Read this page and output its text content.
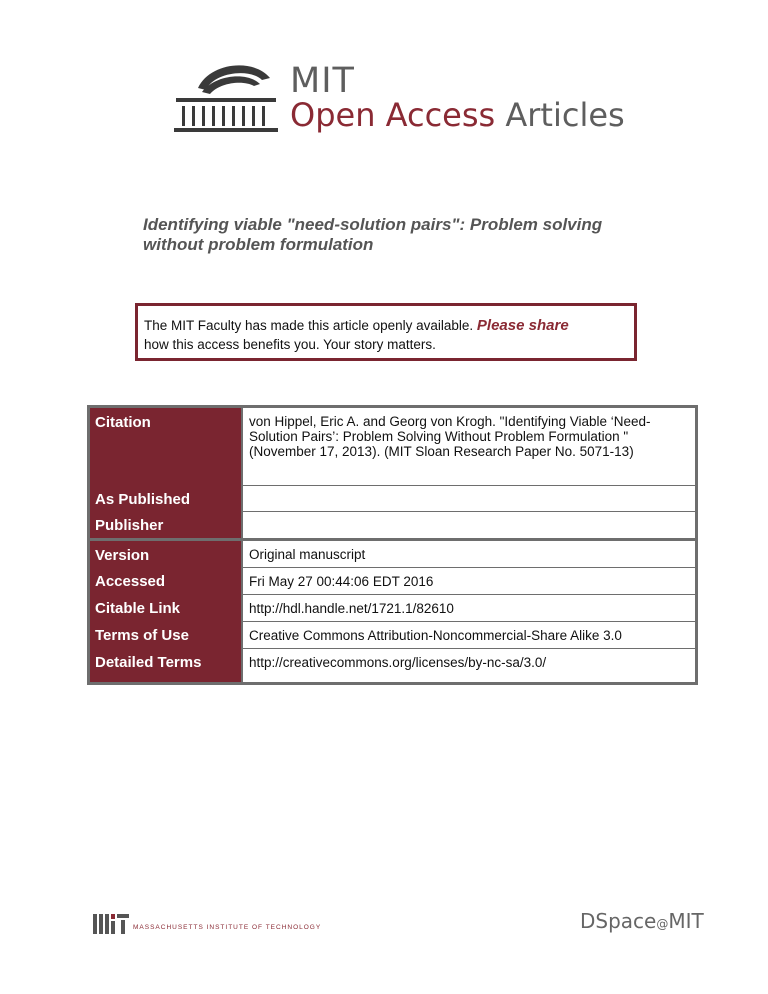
MIT
Open Access Articles
Identifying viable "need-solution pairs": Problem solving without problem formulation
The MIT Faculty has made this article openly available. Please share
how this access benefits you. Your story matters.
Citation	von Hippel, Eric A. and Georg von Krogh. "Identifying Viable ‘Need-Solution Pairs’: Problem Solving Without Problem Formulation " (November 17, 2013). (MIT Sloan Research Paper No. 5071-13)
As Published	
Publisher	
Version	Original manuscript
Accessed	Fri May 27 00:44:06 EDT 2016
Citable Link	http://hdl.handle.net/1721.1/82610
Terms of Use	Creative Commons Attribution-Noncommercial-Share Alike 3.0
Detailed Terms	http://creativecommons.org/licenses/by-nc-sa/3.0/
MASSACHUSETTS INSTITUTE OF TECHNOLOGY	DSpace@MIT
